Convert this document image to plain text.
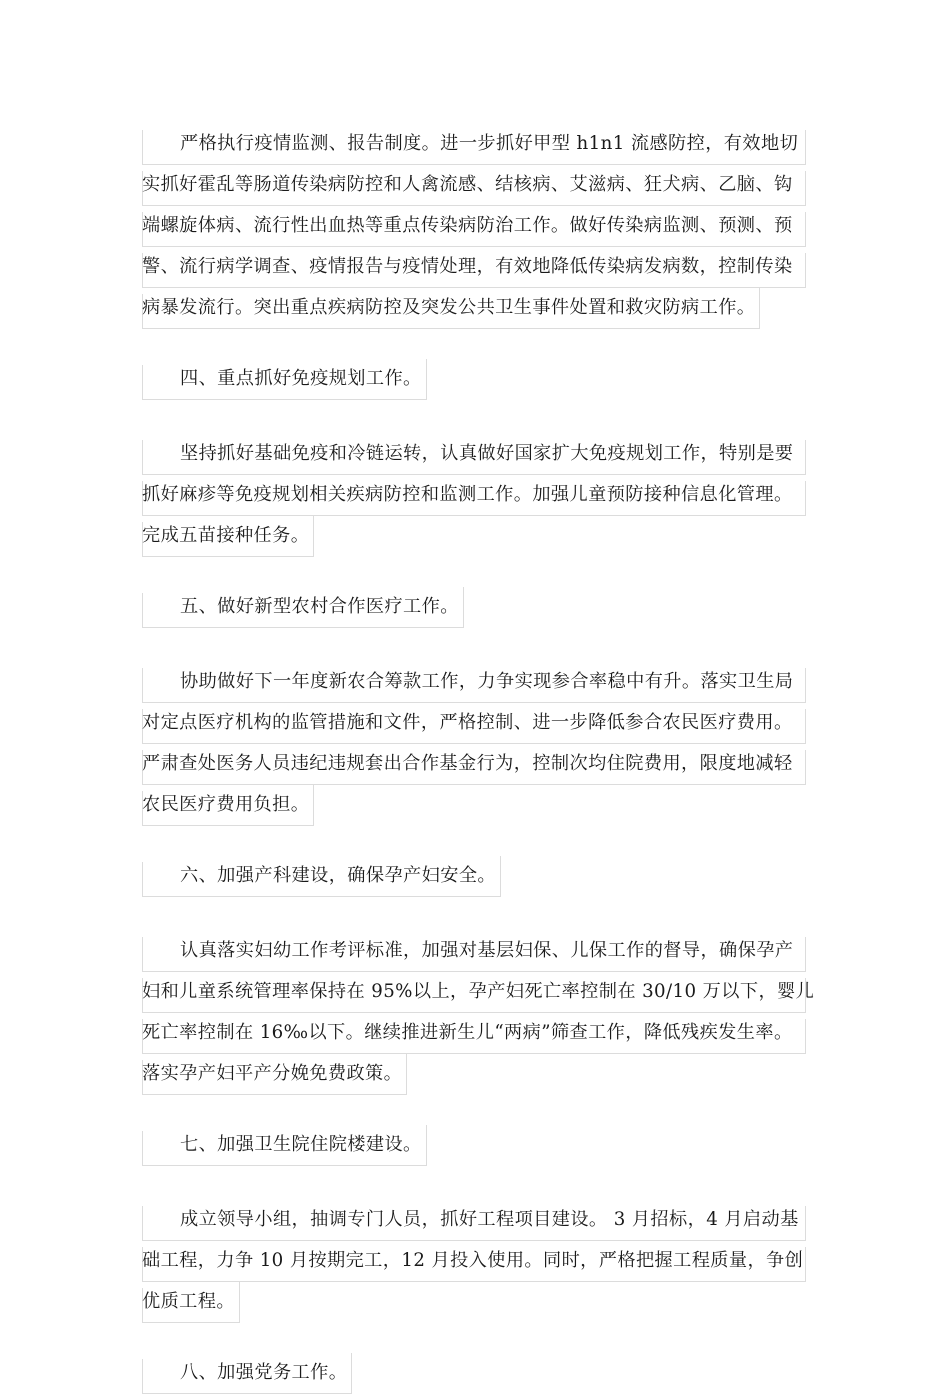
严格执行疫情监测、报告制度。进一步抓好甲型 h1n1 流感防控，有效地切
实抓好霍乱等肠道传染病防控和人禽流感、结核病、艾滋病、狂犬病、乙脑、钩
端螺旋体病、流行性出血热等重点传染病防治工作。做好传染病监测、预测、预
警、流行病学调查、疫情报告与疫情处理，有效地降低传染病发病数，控制传染
病暴发流行。突出重点疾病防控及突发公共卫生事件处置和救灾防病工作。
四、重点抓好免疫规划工作。
坚持抓好基础免疫和冷链运转，认真做好国家扩大免疫规划工作，特别是要
抓好麻疹等免疫规划相关疾病防控和监测工作。加强儿童预防接种信息化管理。
完成五苗接种任务。
五、做好新型农村合作医疗工作。
协助做好下一年度新农合筹款工作，力争实现参合率稳中有升。落实卫生局
对定点医疗机构的监管措施和文件，严格控制、进一步降低参合农民医疗费用。
严肃查处医务人员违纪违规套出合作基金行为，控制次均住院费用，限度地减轻
农民医疗费用负担。
六、加强产科建设，确保孕产妇安全。
认真落实妇幼工作考评标准，加强对基层妇保、儿保工作的督导，确保孕产
妇和儿童系统管理率保持在 95%以上，孕产妇死亡率控制在 30/10 万以下，婴儿
死亡率控制在 16‰以下。继续推进新生儿“两病”筛查工作，降低残疾发生率。
落实孕产妇平产分娩免费政策。
七、加强卫生院住院楼建设。
成立领导小组，抽调专门人员，抓好工程项目建设。 3 月招标，4 月启动基
础工程，力争 10 月按期完工，12 月投入使用。同时，严格把握工程质量，争创
优质工程。
八、加强党务工作。
